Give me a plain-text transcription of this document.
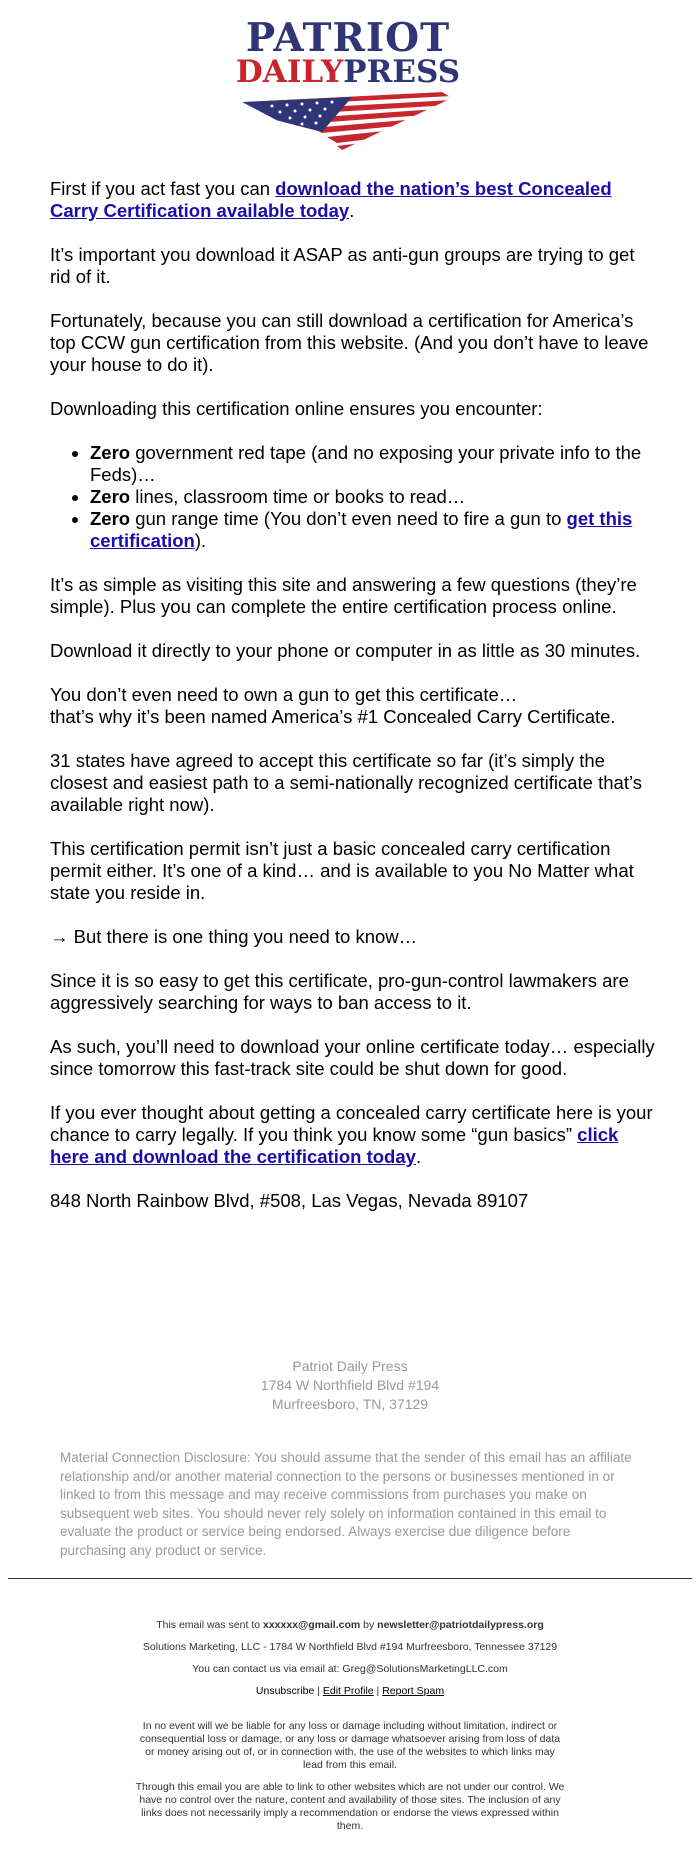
PATRIOT
DAILYPRESS

First if you act fast you can download the nation’s best Concealed Carry Certification available today.

It’s important you download it ASAP as anti-gun groups are trying to get rid of it.

Fortunately, because you can still download a certification for America’s top CCW gun certification from this website. (And you don’t have to leave your house to do it).

Downloading this certification online ensures you encounter:

• Zero government red tape (and no exposing your private info to the Feds)…
• Zero lines, classroom time or books to read…
• Zero gun range time (You don’t even need to fire a gun to get this certification).

It’s as simple as visiting this site and answering a few questions (they’re simple). Plus you can complete the entire certification process online.

Download it directly to your phone or computer in as little as 30 minutes.

You don’t even need to own a gun to get this certificate…
that’s why it’s been named America’s #1 Concealed Carry Certificate.

31 states have agreed to accept this certificate so far (it’s simply the closest and easiest path to a semi-nationally recognized certificate that’s available right now).

This certification permit isn’t just a basic concealed carry certification permit either. It’s one of a kind… and is available to you No Matter what state you reside in.

→ But there is one thing you need to know…

Since it is so easy to get this certificate, pro-gun-control lawmakers are aggressively searching for ways to ban access to it.

As such, you’ll need to download your online certificate today… especially since tomorrow this fast-track site could be shut down for good.

If you ever thought about getting a concealed carry certificate here is your chance to carry legally. If you think you know some “gun basics” click here and download the certification today.

848 North Rainbow Blvd, #508, Las Vegas, Nevada 89107

Patriot Daily Press
1784 W Northfield Blvd #194
Murfreesboro, TN, 37129
Material Connection Disclosure: You should assume that the sender of this email has an affiliate relationship and/or another material connection to the persons or businesses mentioned in or linked to from this message and may receive commissions from purchases you make on subsequent web sites. You should never rely solely on information contained in this email to evaluate the product or service being endorsed. Always exercise due diligence before purchasing any product or service.
This email was sent to xxxxxx@gmail.com by newsletter@patriotdailypress.org
Solutions Marketing, LLC - 1784 W Northfield Blvd #194 Murfreesboro, Tennessee 37129
You can contact us via email at: Greg@SolutionsMarketingLLC.com
Unsubscribe | Edit Profile | Report Spam
In no event will we be liable for any loss or damage including without limitation, indirect or consequential loss or damage, or any loss or damage whatsoever arising from loss of data or money arising out of, or in connection with, the use of the websites to which links may lead from this email.
Through this email you are able to link to other websites which are not under our control. We have no control over the nature, content and availability of those sites. The inclusion of any links does not necessarily imply a recommendation or endorse the views expressed within them.
